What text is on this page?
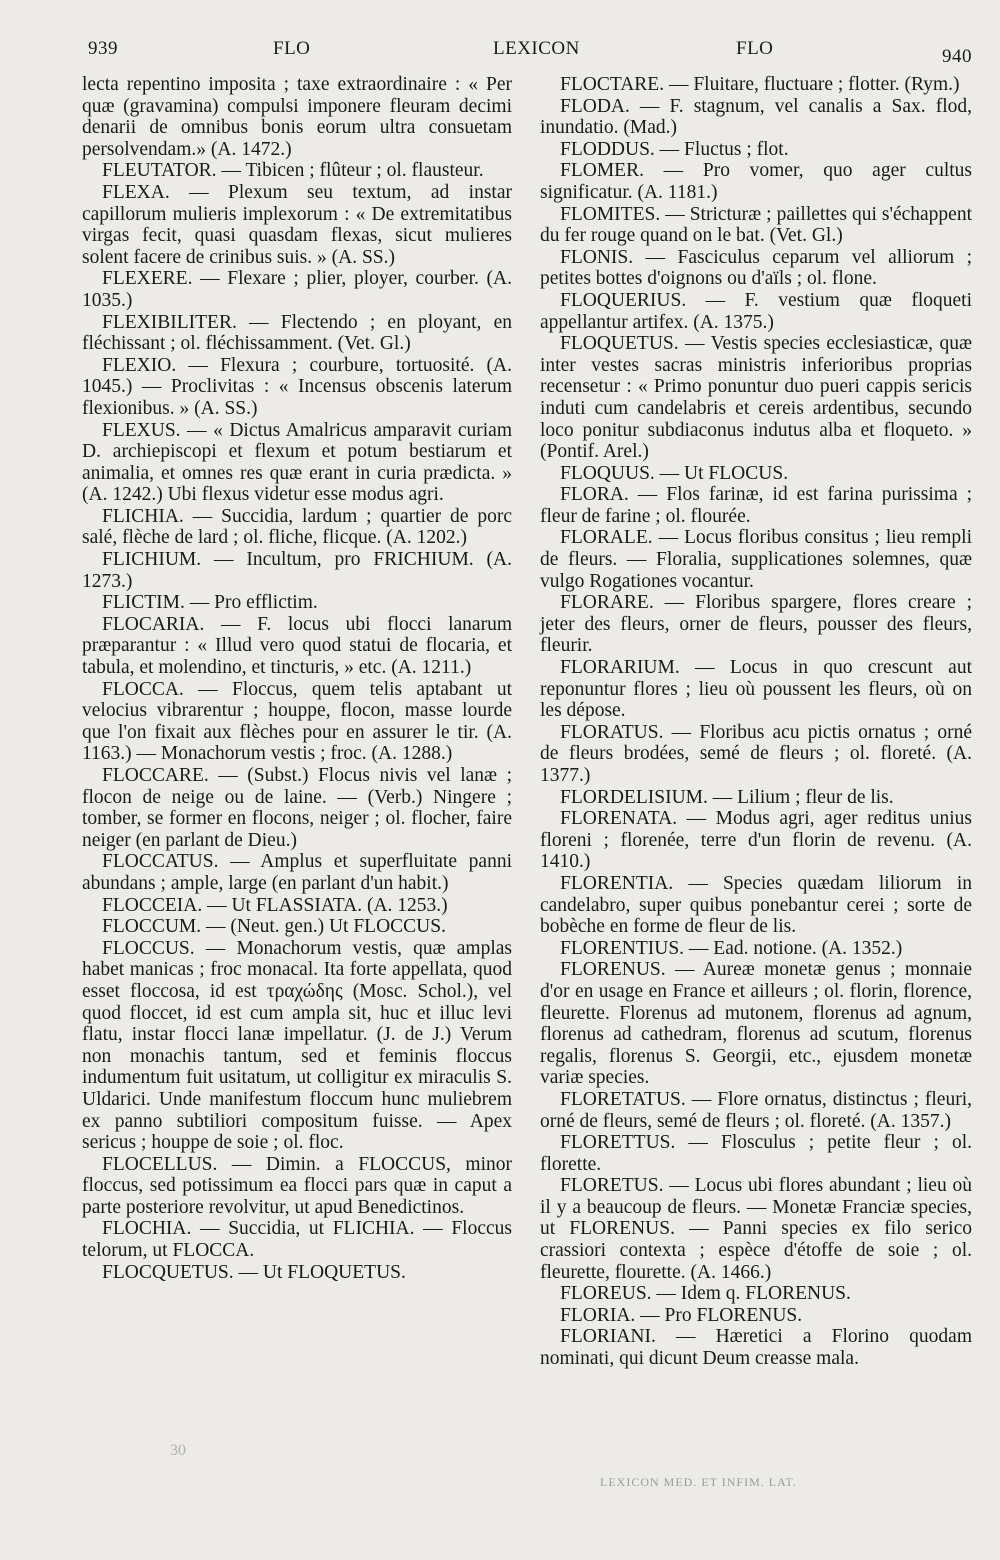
939	FLO	LEXICON	FLO	940

lecta repentino imposita ; taxe extraordinaire : « Per quæ (gravamina) compulsi imponere fleuram decimi denarii de omnibus bonis eorum ultra consuetam persolvendam.» (A. 1472.)

FLEUTATOR. — Tibicen ; flûteur ; ol. flausteur.

FLEXA. — Plexum seu textum, ad instar capillorum mulieris implexorum : « De extremitatibus virgas fecit, quasi quasdam flexas, sicut mulieres solent facere de crinibus suis. » (A. SS.)

FLEXERE. — Flexare ; plier, ployer, courber. (A. 1035.)

FLEXIBILITER. — Flectendo ; en ployant, en fléchissant ; ol. fléchissamment. (Vet. Gl.)

FLEXIO. — Flexura ; courbure, tortuosité. (A. 1045.) — Proclivitas : « Incensus obscenis laterum flexionibus. » (A. SS.)

FLEXUS. — « Dictus Amalricus amparavit curiam D. archiepiscopi et flexum et potum bestiarum et animalia, et omnes res quæ erant in curia prædicta. » (A. 1242.) Ubi flexus videtur esse modus agri.

FLICHIA. — Succidia, lardum ; quartier de porc salé, flèche de lard ; ol. fliche, flicque. (A. 1202.)

FLICHIUM. — Incultum, pro FRICHIUM. (A. 1273.)

FLICTIM. — Pro efflictim.

FLOCARIA. — F. locus ubi flocci lanarum præparantur : « Illud vero quod statui de flocaria, et tabula, et molendino, et tincturis, » etc. (A. 1211.)

FLOCCA. — Floccus, quem telis aptabant ut velocius vibrarentur ; houppe, flocon, masse lourde que l'on fixait aux flèches pour en assurer le tir. (A. 1163.) — Monachorum vestis ; froc. (A. 1288.)

FLOCCARE. — (Subst.) Flocus nivis vel lanæ ; flocon de neige ou de laine. — (Verb.) Ningere ; tomber, se former en flocons, neiger ; ol. flocher, faire neiger (en parlant de Dieu.)

FLOCCATUS. — Amplus et superfluitate panni abundans ; ample, large (en parlant d'un habit.)

FLOCCEIA. — Ut FLASSIATA. (A. 1253.)

FLOCCUM. — (Neut. gen.) Ut FLOCCUS.

FLOCCUS. — Monachorum vestis, quæ amplas habet manicas ; froc monacal. Ita forte appellata, quod esset floccosa, id est τραχώδης (Mosc. Schol.), vel quod floccet, id est cum ampla sit, huc et illuc levi flatu, instar flocci lanæ impellatur. (J. de J.) Verum non monachis tantum, sed et feminis floccus indumentum fuit usitatum, ut colligitur ex miraculis S. Uldarici. Unde manifestum floccum hunc muliebrem ex panno subtiliori compositum fuisse. — Apex sericus ; houppe de soie ; ol. floc.

FLOCELLUS. — Dimin. a FLOCCUS, minor floccus, sed potissimum ea flocci pars quæ in caput a parte posteriore revolvitur, ut apud Benedictinos.

FLOCHIA. — Succidia, ut FLICHIA. — Floccus telorum, ut FLOCCA.

FLOCQUETUS. — Ut FLOQUETUS.

FLOCTARE. — Fluitare, fluctuare ; flotter. (Rym.)

FLODA. — F. stagnum, vel canalis a Sax. flod, inundatio. (Mad.)

FLODDUS. — Fluctus ; flot.

FLOMER. — Pro vomer, quo ager cultus significatur. (A. 1181.)

FLOMITES. — Stricturæ ; paillettes qui s'échappent du fer rouge quand on le bat. (Vet. Gl.)

FLONIS. — Fasciculus ceparum vel alliorum ; petites bottes d'oignons ou d'aïls ; ol. flone.

FLOQUERIUS. — F. vestium quæ floqueti appellantur artifex. (A. 1375.)

FLOQUETUS. — Vestis species ecclesiasticæ, quæ inter vestes sacras ministris inferioribus proprias recensetur : « Primo ponuntur duo pueri cappis sericis induti cum candelabris et cereis ardentibus, secundo loco ponitur subdiaconus indutus alba et floqueto. » (Pontif. Arel.)

FLOQUUS. — Ut FLOCUS.

FLORA. — Flos farinæ, id est farina purissima ; fleur de farine ; ol. flourée.

FLORALE. — Locus floribus consitus ; lieu rempli de fleurs. — Floralia, supplicationes solemnes, quæ vulgo Rogationes vocantur.

FLORARE. — Floribus spargere, flores creare ; jeter des fleurs, orner de fleurs, pousser des fleurs, fleurir.

FLORARIUM. — Locus in quo crescunt aut reponuntur flores ; lieu où poussent les fleurs, où on les dépose.

FLORATUS. — Floribus acu pictis ornatus ; orné de fleurs brodées, semé de fleurs ; ol. floreté. (A. 1377.)

FLORDELISIUM. — Lilium ; fleur de lis.

FLORENATA. — Modus agri, ager reditus unius floreni ; florenée, terre d'un florin de revenu. (A. 1410.)

FLORENTIA. — Species quædam liliorum in candelabro, super quibus ponebantur cerei ; sorte de bobèche en forme de fleur de lis.

FLORENTIUS. — Ead. notione. (A. 1352.)

FLORENUS. — Aureæ monetæ genus ; monnaie d'or en usage en France et ailleurs ; ol. florin, florence, fleurette. Florenus ad mutonem, florenus ad agnum, florenus ad cathedram, florenus ad scutum, florenus regalis, florenus S. Georgii, etc., ejusdem monetæ variæ species.

FLORETATUS. — Flore ornatus, distinctus ; fleuri, orné de fleurs, semé de fleurs ; ol. floreté. (A. 1357.)

FLORETTUS. — Flosculus ; petite fleur ; ol. florette.

FLORETUS. — Locus ubi flores abundant ; lieu où il y a beaucoup de fleurs. — Monetæ Franciæ species, ut FLORENUS. — Panni species ex filo serico crassiori contexta ; espèce d'étoffe de soie ; ol. fleurette, flourette. (A. 1466.)

FLOREUS. — Idem q. FLORENUS.

FLORIA. — Pro FLORENUS.

FLORIANI. — Hæretici a Florino quodam nominati, qui dicunt Deum creasse mala.

30
LEXICON MED. ET INFIM. LAT.
